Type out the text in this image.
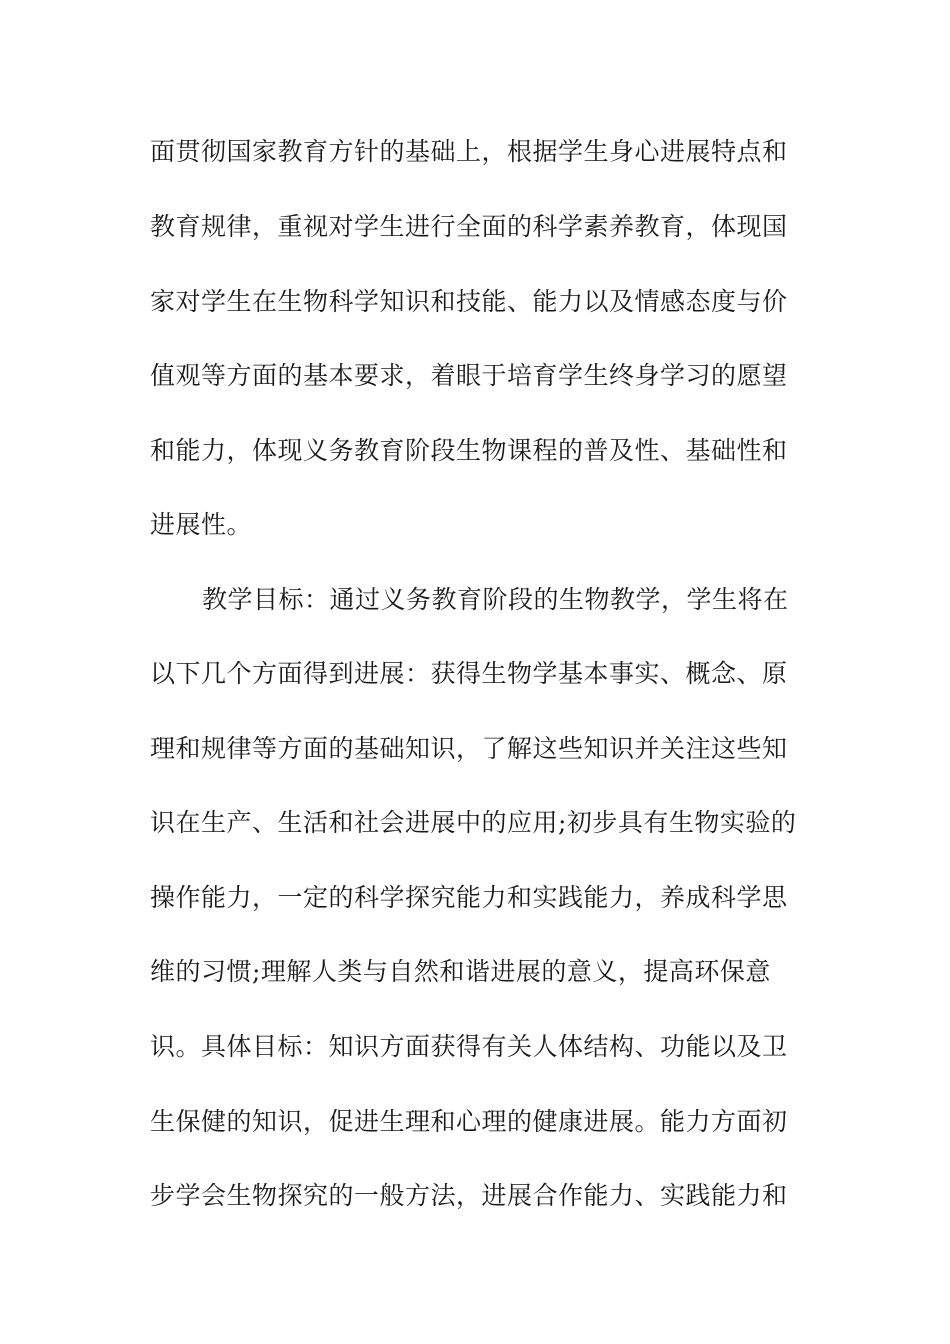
面贯彻国家教育方针的基础上，根据学生身心进展特点和
教育规律，重视对学生进行全面的科学素养教育，体现国
家对学生在生物科学知识和技能、能力以及情感态度与价
值观等方面的基本要求，着眼于培育学生终身学习的愿望
和能力，体现义务教育阶段生物课程的普及性、基础性和
进展性。
教学目标：通过义务教育阶段的生物教学，学生将在
以下几个方面得到进展：获得生物学基本事实、概念、原
理和规律等方面的基础知识，了解这些知识并关注这些知
识在生产、生活和社会进展中的应用;初步具有生物实验的
操作能力，一定的科学探究能力和实践能力，养成科学思
维的习惯;理解人类与自然和谐进展的意义，提高环保意
识。具体目标：知识方面获得有关人体结构、功能以及卫
生保健的知识，促进生理和心理的健康进展。能力方面初
步学会生物探究的一般方法，进展合作能力、实践能力和
